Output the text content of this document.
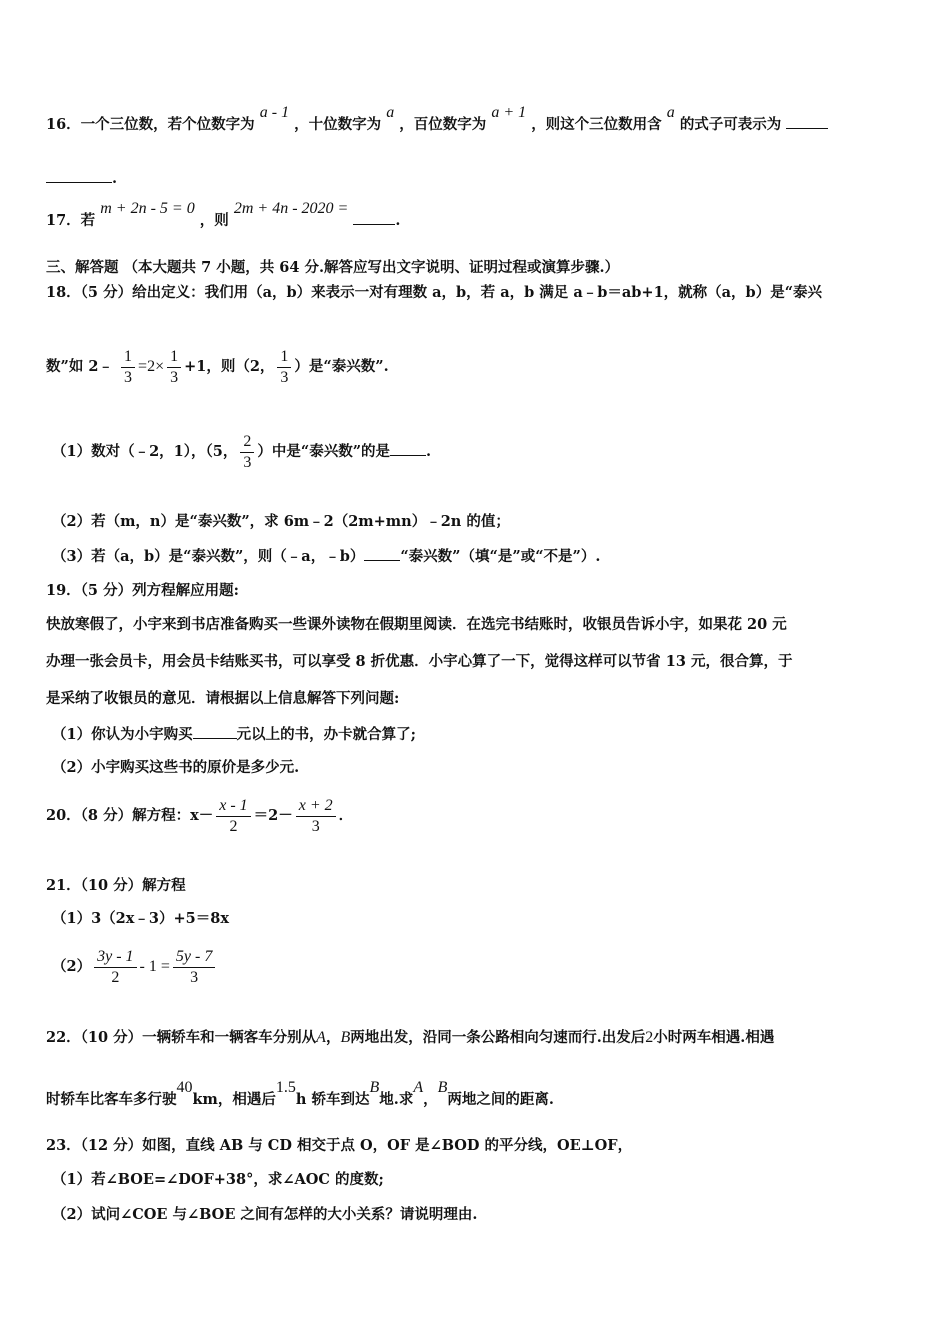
16．一个三位数，若个位数字为 a - 1 ，十位数字为 a ，百位数字为 a + 1 ，则这个三位数用含 a 的式子可表示为
.
17．若 m + 2n - 5 = 0 ，则 2m + 4n - 2020 = .
三、解答题 （本大题共 7 小题，共 64 分.解答应写出文字说明、证明过程或演算步骤.）
18．（5 分）给出定义：我们用（a，b）来表示一对有理数 a，b，若 a，b 满足 a﹣b＝ab+1，就称（a，b）是“泰兴
数”如 2﹣ $\frac{1}{3} =2\times \frac{1}{3} +1$，则（2， $\frac{1}{3}$ ）是“泰兴数”.
（1）数对（﹣2，1），（5， $\frac{2}{3}$ ）中是“泰兴数”的是 .
（2）若（m，n）是“泰兴数”，求 6m﹣2（2m+mn）﹣2n 的值；
（3）若（a，b）是“泰兴数”，则（﹣a，﹣b） “泰兴数”（填“是”或“不是”）.
19．（5 分）列方程解应用题:
快放寒假了，小宇来到书店准备购买一些课外读物在假期里阅读．在选完书结账时，收银员告诉小宇，如果花 20 元
办理一张会员卡，用会员卡结账买书，可以享受 8 折优惠．小宇心算了一下，觉得这样可以节省 13 元，很合算，于
是采纳了收银员的意见．请根据以上信息解答下列问题:
（1）你认为小宇购买	元以上的书，办卡就合算了;
（2）小宇购买这些书的原价是多少元.
20．（8 分）解方程：$x- \frac{x - 1}{2} =2- \frac{x + 2}{3}$ ．
21．（10 分）解方程
（1）3（2x﹣3）+5＝8x
$(2) \frac{3y - 1}{2} - 1 = \frac{5y - 7}{3}$
22．（10 分）一辆轿车和一辆客车分别从A，B两地出发，沿同一条公路相向匀速而行.出发后2小时两车相遇.相遇
时轿车比客车多行驶40km，相遇后1.5h 轿车到达B地.求A，B两地之间的距离.
23．（12 分）如图，直线 AB 与 CD 相交于点 O，OF 是∠BOD 的平分线，OE⊥OF，
（1）若∠BOE=∠DOF+38°，求∠AOC 的度数;
（2）试问∠COE 与∠BOE 之间有怎样的大小关系？请说明理由.
